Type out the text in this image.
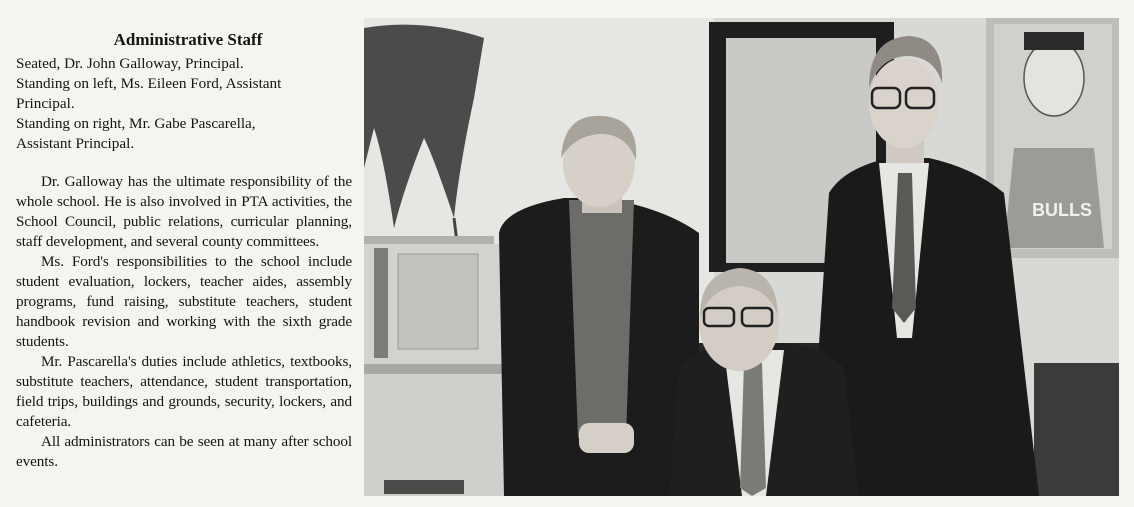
Administrative Staff
Seated, Dr. John Galloway, Principal.
Standing on left, Ms. Eileen Ford, Assistant
Principal.
Standing on right, Mr. Gabe Pascarella,
Assistant Principal.

Dr. Galloway has the ultimate responsibility of the whole school. He is also involved in PTA activities, the School Council, public relations, curricular planning, staff development, and several county committees.

Ms. Ford's responsibilities to the school include student evaluation, lockers, teacher aides, assembly programs, fund raising, substitute teachers, student handbook revision and working with the sixth grade students.

Mr. Pascarella's duties include athletics, textbooks, substitute teachers, attendance, student transportation, field trips, buildings and grounds, security, lockers, and cafeteria.

All administrators can be seen at many after school events.

BULLS
